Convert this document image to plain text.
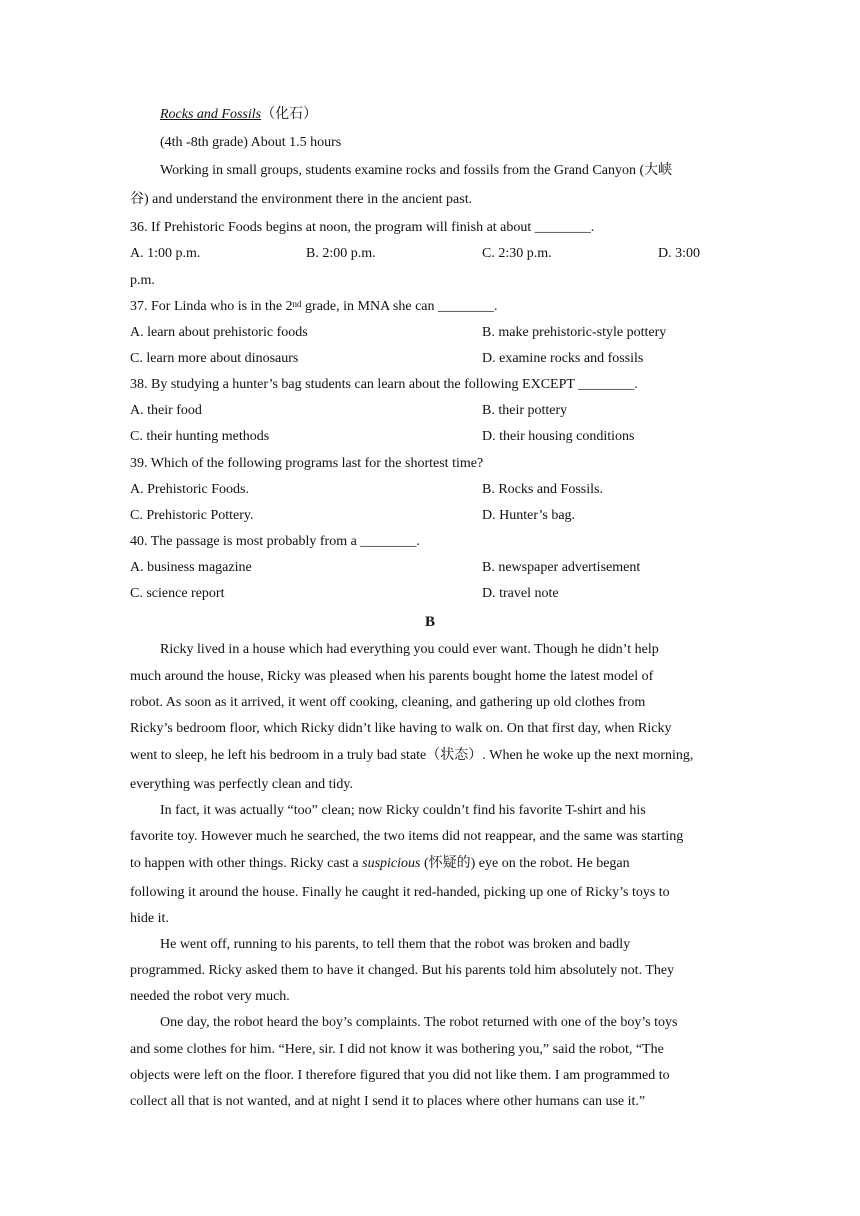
Rocks and Fossils（化石）
(4th -8th grade) About 1.5 hours
Working in small groups, students examine rocks and fossils from the Grand Canyon (大峡
谷) and understand the environment there in the ancient past.
36. If Prehistoric Foods begins at noon, the program will finish at about ________.
A. 1:00 p.m.	B. 2:00 p.m.	C. 2:30 p.m.	D. 3:00
p.m.
37. For Linda who is in the 2nd grade, in MNA she can ________.
A. learn about prehistoric foods	B. make prehistoric-style pottery
C. learn more about dinosaurs	D. examine rocks and fossils
38. By studying a hunter’s bag students can learn about the following EXCEPT ________.
A. their food	B. their pottery
C. their hunting methods	D. their housing conditions
39. Which of the following programs last for the shortest time?
A. Prehistoric Foods.	B. Rocks and Fossils.
C. Prehistoric Pottery.	D. Hunter’s bag.
40. The passage is most probably from a ________.
A. business magazine	B. newspaper advertisement
C. science report	D. travel note
B
Ricky lived in a house which had everything you could ever want. Though he didn’t help
much around the house, Ricky was pleased when his parents bought home the latest model of
robot. As soon as it arrived, it went off cooking, cleaning, and gathering up old clothes from
Ricky’s bedroom floor, which Ricky didn’t like having to walk on. On that first day, when Ricky
went to sleep, he left his bedroom in a truly bad state（状态）. When he woke up the next morning,
everything was perfectly clean and tidy.
In fact, it was actually “too” clean; now Ricky couldn’t find his favorite T-shirt and his
favorite toy. However much he searched, the two items did not reappear, and the same was starting
to happen with other things. Ricky cast a suspicious (怀疑的) eye on the robot. He began
following it around the house. Finally he caught it red-handed, picking up one of Ricky’s toys to
hide it.
He went off, running to his parents, to tell them that the robot was broken and badly
programmed. Ricky asked them to have it changed. But his parents told him absolutely not. They
needed the robot very much.
One day, the robot heard the boy’s complaints. The robot returned with one of the boy’s toys
and some clothes for him. “Here, sir. I did not know it was bothering you,” said the robot, “The
objects were left on the floor. I therefore figured that you did not like them. I am programmed to
collect all that is not wanted, and at night I send it to places where other humans can use it.”
